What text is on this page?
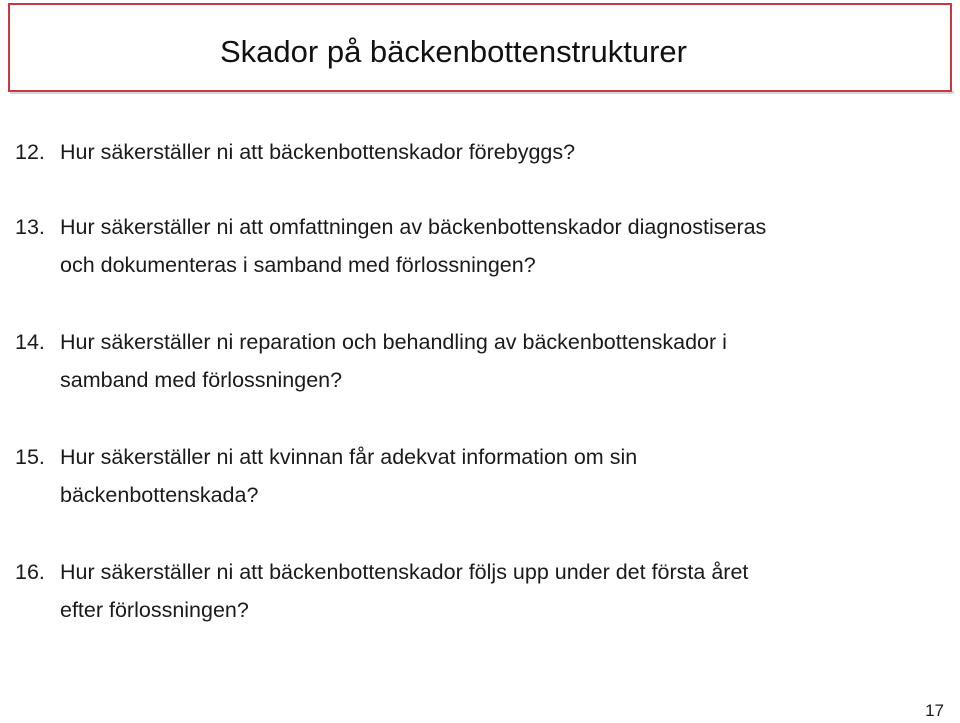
Skador på bäckenbottenstrukturer
12. Hur säkerställer ni att bäckenbottenskador förebyggs?
13. Hur säkerställer ni att omfattningen av bäckenbottenskador diagnostiseras
och dokumenteras i samband med förlossningen?
14. Hur säkerställer ni reparation och behandling av bäckenbottenskador i
samband med förlossningen?
15. Hur säkerställer ni att kvinnan får adekvat information om sin
bäckenbottenskada?
16. Hur säkerställer ni att bäckenbottenskador följs upp under det första året
efter förlossningen?
17
